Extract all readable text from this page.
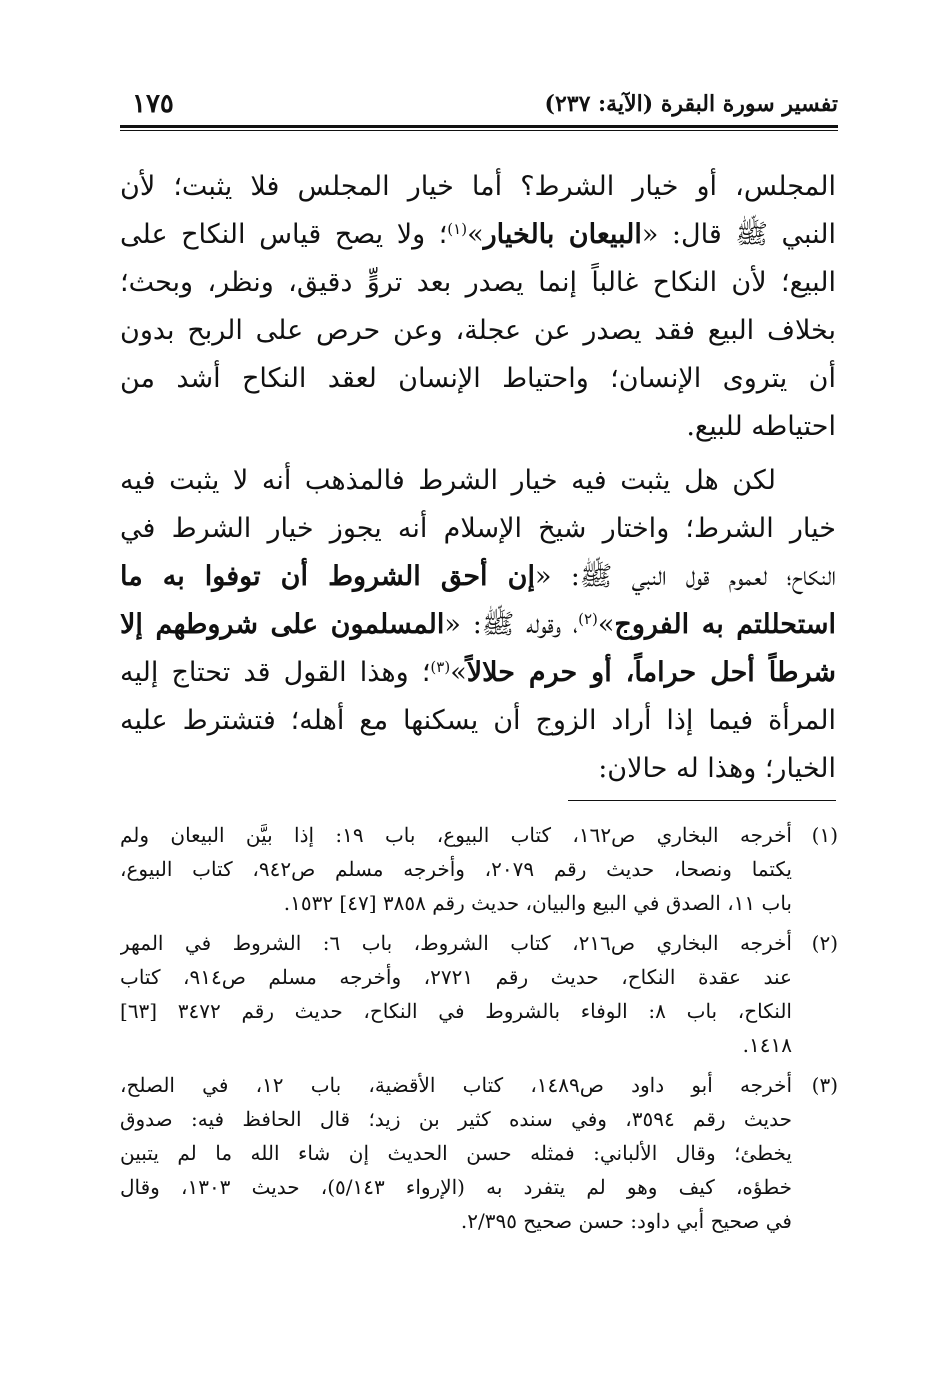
تفسير سورة البقرة (الآية: ٢٣٧)
١٧٥

المجلس، أو خيار الشرط؟ أما خيار المجلس فلا يثبت؛ لأن
النبي ﷺ قال: «البيعان بالخيار»$^{(١)}$؛ ولا يصح قياس النكاح على
البيع؛ لأن النكاح غالباً إنما يصدر بعد تروٍّ دقيق، ونظر، وبحث؛
بخلاف البيع فقد يصدر عن عجلة، وعن حرص على الربح بدون
أن يتروى الإنسان؛ واحتياط الإنسان لعقد النكاح أشد من
احتياطه للبيع.

لكن هل يثبت فيه خيار الشرط فالمذهب أنه لا يثبت فيه
خيار الشرط؛ واختار شيخ الإسلام أنه يجوز خيار الشرط في
النكاح؛ لعموم قول النبي ﷺ: «إن أحق الشروط أن توفوا به ما
استحللتم به الفروج»$^{(٢)}$، وقوله ﷺ: «المسلمون على شروطهم إلا
شرطاً أحل حراماً، أو حرم حلالاً»$^{(٣)}$؛ وهذا القول قد تحتاج إليه
المرأة فيما إذا أراد الزوج أن يسكنها مع أهله؛ فتشترط عليه
الخيار؛ وهذا له حالان:

(١)
أخرجه البخاري ص١٦٢، كتاب البيوع، باب ١٩: إذا بيَّن البيعان ولم
يكتما ونصحا، حديث رقم ٢٠٧٩، وأخرجه مسلم ص٩٤٢، كتاب البيوع،
باب ١١، الصدق في البيع والبيان، حديث رقم ٣٨٥٨ [٤٧] ١٥٣٢.
(٢)
أخرجه البخاري ص٢١٦، كتاب الشروط، باب ٦: الشروط في المهر
عند عقدة النكاح، حديث رقم ٢٧٢١، وأخرجه مسلم ص٩١٤، كتاب
النكاح، باب ٨: الوفاء بالشروط في النكاح، حديث رقم ٣٤٧٢ [٦٣]
١٤١٨.
(٣)
أخرجه أبو داود ص١٤٨٩، كتاب الأقضية، باب ١٢، في الصلح،
حديث رقم ٣٥٩٤، وفي سنده كثير بن زيد؛ قال الحافظ فيه: صدوق
يخطئ؛ وقال الألباني: فمثله حسن الحديث إن شاء الله ما لم يتبين
خطؤه، كيف وهو لم يتفرد به (الإرواء ٥/١٤٣)، حديث ١٣٠٣، وقال
في صحيح أبي داود: حسن صحيح ٢/٣٩٥.
